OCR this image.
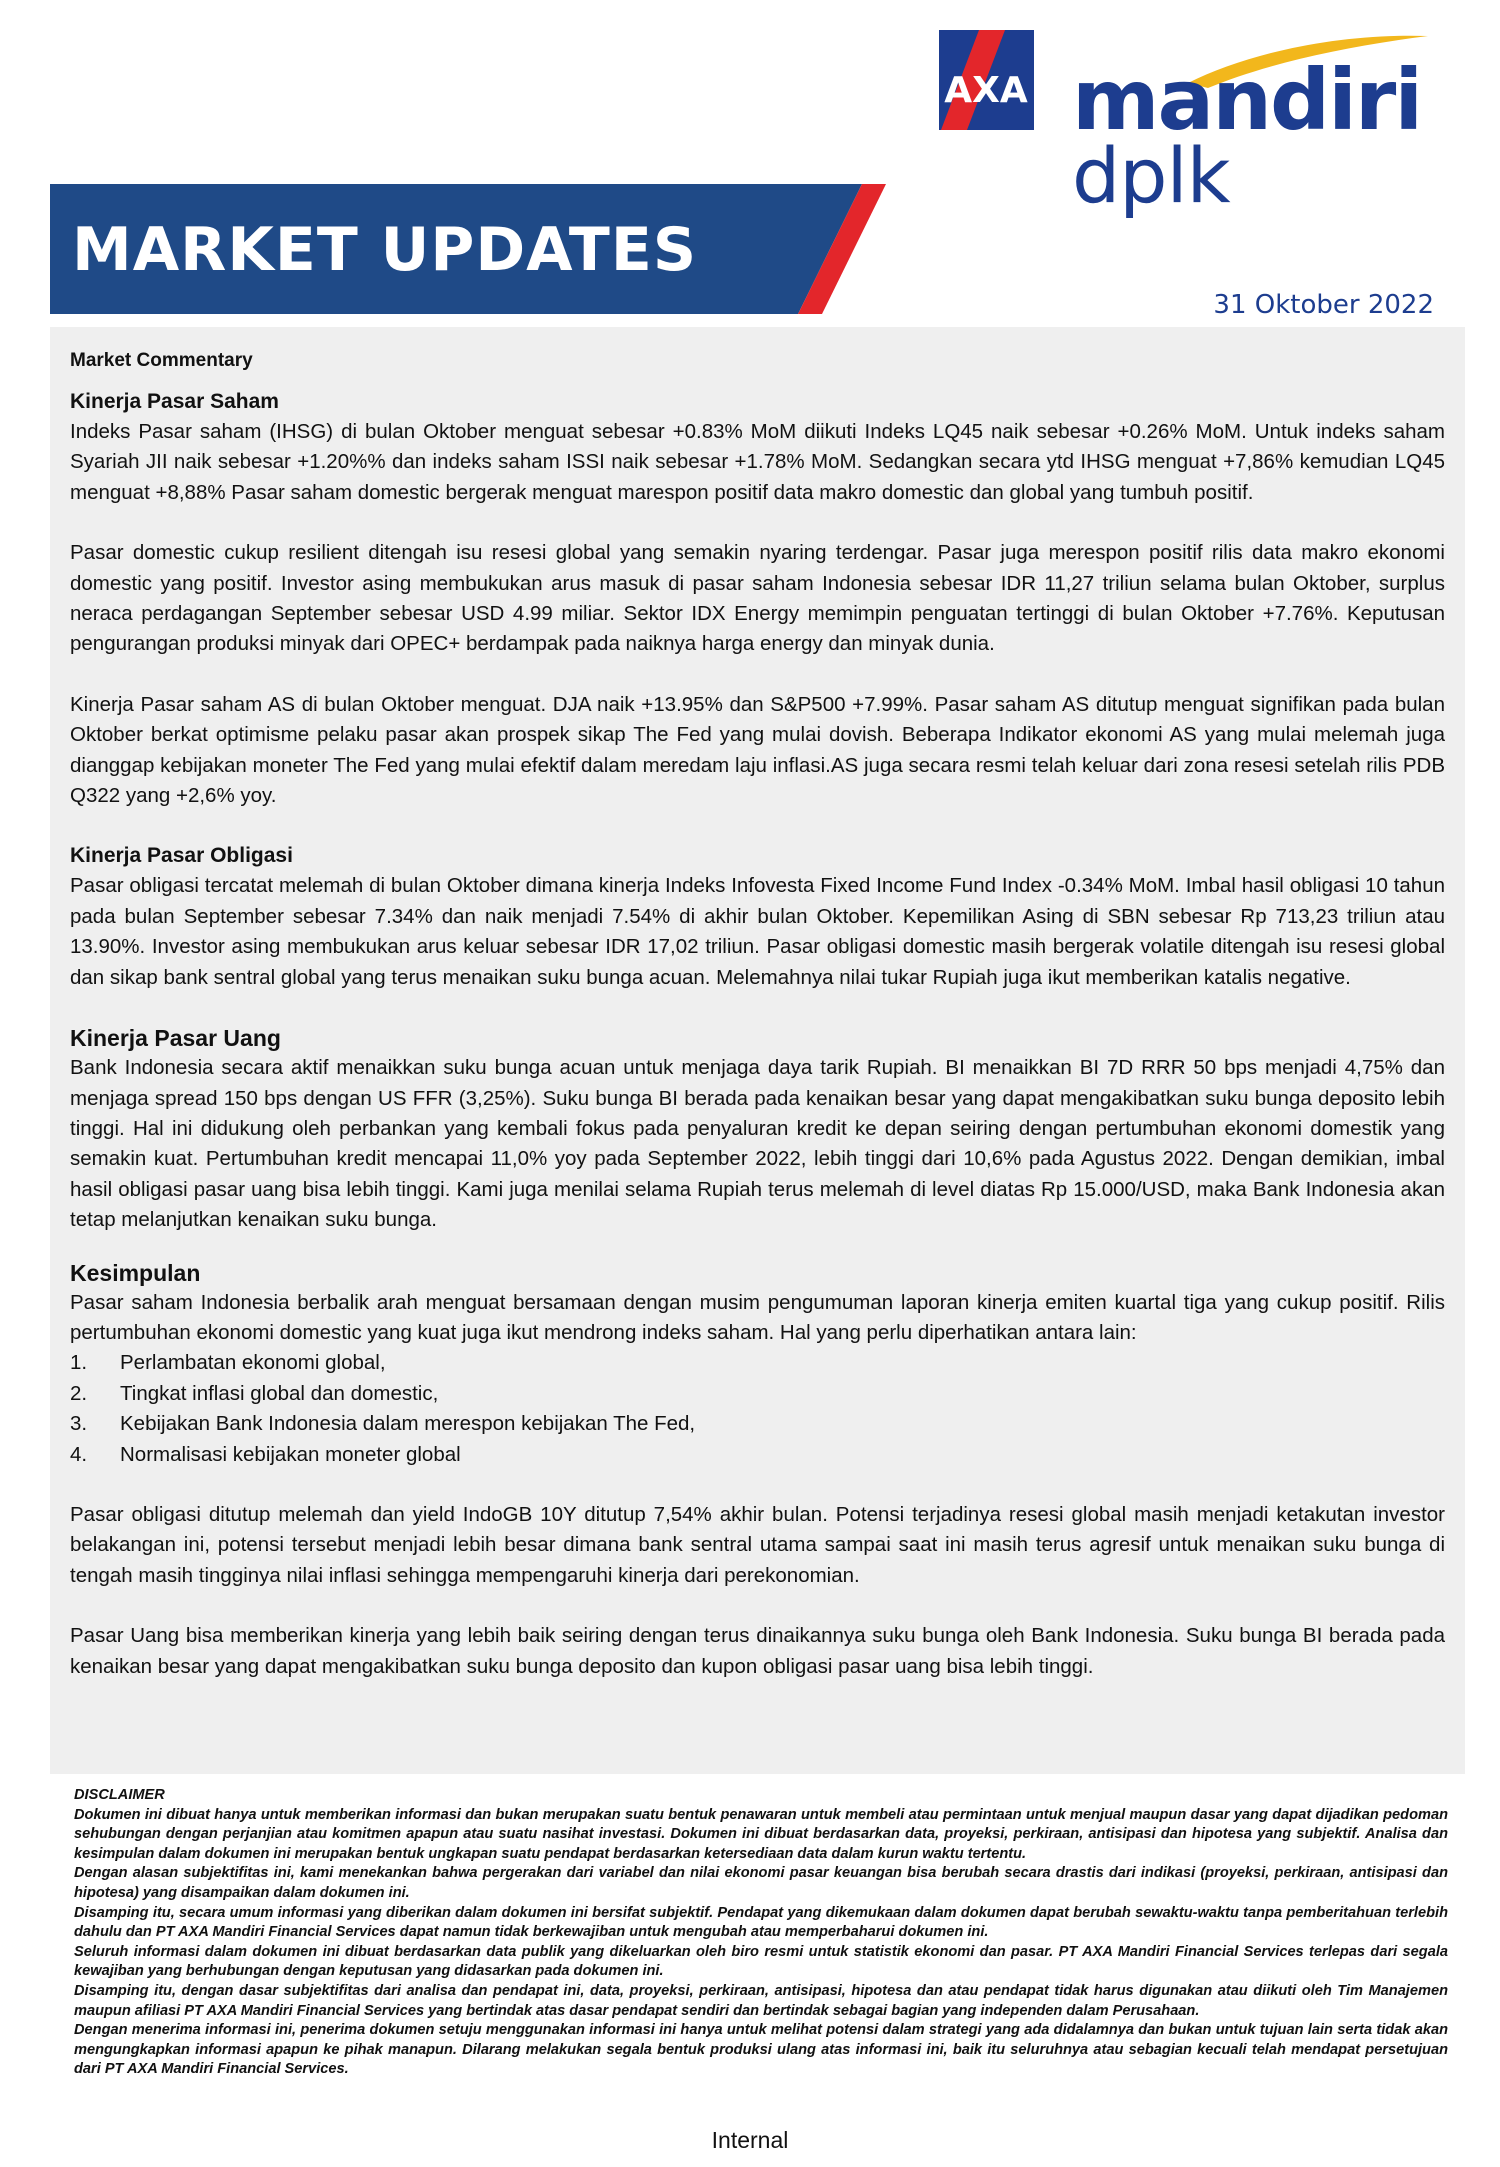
AXA mandiri
dplk
MARKET UPDATES
31 Oktober 2022

Market Commentary

Kinerja Pasar Saham

Indeks Pasar saham (IHSG) di bulan Oktober menguat sebesar +0.83% MoM diikuti Indeks LQ45 naik sebesar +0.26% MoM. Untuk indeks saham Syariah JII naik sebesar +1.20%% dan indeks saham ISSI naik sebesar +1.78% MoM. Sedangkan secara ytd IHSG menguat +7,86% kemudian LQ45 menguat +8,88% Pasar saham domestic bergerak menguat marespon positif data makro domestic dan global yang tumbuh positif.

Pasar domestic cukup resilient ditengah isu resesi global yang semakin nyaring terdengar. Pasar juga merespon positif rilis data makro ekonomi domestic yang positif. Investor asing membukukan arus masuk di pasar saham Indonesia sebesar IDR 11,27 triliun selama bulan Oktober, surplus neraca perdagangan September sebesar USD 4.99 miliar. Sektor IDX Energy memimpin penguatan tertinggi di bulan Oktober +7.76%. Keputusan pengurangan produksi minyak dari OPEC+ berdampak pada naiknya harga energy dan minyak dunia.

Kinerja Pasar saham AS di bulan Oktober menguat. DJA naik +13.95% dan S&P500 +7.99%. Pasar saham AS ditutup menguat signifikan pada bulan Oktober berkat optimisme pelaku pasar akan prospek sikap The Fed yang mulai dovish. Beberapa Indikator ekonomi AS yang mulai melemah juga dianggap kebijakan moneter The Fed yang mulai efektif dalam meredam laju inflasi.AS juga secara resmi telah keluar dari zona resesi setelah rilis PDB Q322 yang +2,6% yoy.

Kinerja Pasar Obligasi

Pasar obligasi tercatat melemah di bulan Oktober dimana kinerja Indeks Infovesta Fixed Income Fund Index -0.34% MoM. Imbal hasil obligasi 10 tahun pada bulan September sebesar 7.34% dan naik menjadi 7.54% di akhir bulan Oktober. Kepemilikan Asing di SBN sebesar Rp 713,23 triliun atau 13.90%. Investor asing membukukan arus keluar sebesar IDR 17,02 triliun. Pasar obligasi domestic masih bergerak volatile ditengah isu resesi global dan sikap bank sentral global yang terus menaikan suku bunga acuan. Melemahnya nilai tukar Rupiah juga ikut memberikan katalis negative.

Kinerja Pasar Uang

Bank Indonesia secara aktif menaikkan suku bunga acuan untuk menjaga daya tarik Rupiah. BI menaikkan BI 7D RRR 50 bps menjadi 4,75% dan menjaga spread 150 bps dengan US FFR (3,25%). Suku bunga BI berada pada kenaikan besar yang dapat mengakibatkan suku bunga deposito lebih tinggi. Hal ini didukung oleh perbankan yang kembali fokus pada penyaluran kredit ke depan seiring dengan pertumbuhan ekonomi domestik yang semakin kuat. Pertumbuhan kredit mencapai 11,0% yoy pada September 2022, lebih tinggi dari 10,6% pada Agustus 2022. Dengan demikian, imbal hasil obligasi pasar uang bisa lebih tinggi. Kami juga menilai selama Rupiah terus melemah di level diatas Rp 15.000/USD, maka Bank Indonesia akan tetap melanjutkan kenaikan suku bunga.

Kesimpulan

Pasar saham Indonesia berbalik arah menguat bersamaan dengan musim pengumuman laporan kinerja emiten kuartal tiga yang cukup positif. Rilis pertumbuhan ekonomi domestic yang kuat juga ikut mendrong indeks saham. Hal yang perlu diperhatikan antara lain:

1.	Perlambatan ekonomi global,
2.	Tingkat inflasi global dan domestic,
3.	Kebijakan Bank Indonesia dalam merespon kebijakan The Fed,
4.	Normalisasi kebijakan moneter global

Pasar obligasi ditutup melemah dan yield IndoGB 10Y ditutup 7,54% akhir bulan. Potensi terjadinya resesi global masih menjadi ketakutan investor belakangan ini, potensi tersebut menjadi lebih besar dimana bank sentral utama sampai saat ini masih terus agresif untuk menaikan suku bunga di tengah masih tingginya nilai inflasi sehingga mempengaruhi kinerja dari perekonomian.

Pasar Uang bisa memberikan kinerja yang lebih baik seiring dengan terus dinaikannya suku bunga oleh Bank Indonesia. Suku bunga BI berada pada kenaikan besar yang dapat mengakibatkan suku bunga deposito dan kupon obligasi pasar uang bisa lebih tinggi.

DISCLAIMER

Dokumen ini dibuat hanya untuk memberikan informasi dan bukan merupakan suatu bentuk penawaran untuk membeli atau permintaan untuk menjual maupun dasar yang dapat dijadikan pedoman sehubungan dengan perjanjian atau komitmen apapun atau suatu nasihat investasi. Dokumen ini dibuat berdasarkan data, proyeksi, perkiraan, antisipasi dan hipotesa yang subjektif. Analisa dan kesimpulan dalam dokumen ini merupakan bentuk ungkapan suatu pendapat berdasarkan ketersediaan data dalam kurun waktu tertentu.

Dengan alasan subjektifitas ini, kami menekankan bahwa pergerakan dari variabel dan nilai ekonomi pasar keuangan bisa berubah secara drastis dari indikasi (proyeksi, perkiraan, antisipasi dan hipotesa) yang disampaikan dalam dokumen ini.

Disamping itu, secara umum informasi yang diberikan dalam dokumen ini bersifat subjektif. Pendapat yang dikemukaan dalam dokumen dapat berubah sewaktu-waktu tanpa pemberitahuan terlebih dahulu dan PT AXA Mandiri Financial Services dapat namun tidak berkewajiban untuk mengubah atau memperbaharui dokumen ini.

Seluruh informasi dalam dokumen ini dibuat berdasarkan data publik yang dikeluarkan oleh biro resmi untuk statistik ekonomi dan pasar. PT AXA Mandiri Financial Services terlepas dari segala kewajiban yang berhubungan dengan keputusan yang didasarkan pada dokumen ini.

Disamping itu, dengan dasar subjektifitas dari analisa dan pendapat ini, data, proyeksi, perkiraan, antisipasi, hipotesa dan atau pendapat tidak harus digunakan atau diikuti oleh Tim Manajemen maupun afiliasi PT AXA Mandiri Financial Services yang bertindak atas dasar pendapat sendiri dan bertindak sebagai bagian yang independen dalam Perusahaan.

Dengan menerima informasi ini, penerima dokumen setuju menggunakan informasi ini hanya untuk melihat potensi dalam strategi yang ada didalamnya dan bukan untuk tujuan lain serta tidak akan mengungkapkan informasi apapun ke pihak manapun. Dilarang melakukan segala bentuk produksi ulang atas informasi ini, baik itu seluruhnya atau sebagian kecuali telah mendapat persetujuan dari PT AXA Mandiri Financial Services.

Internal
